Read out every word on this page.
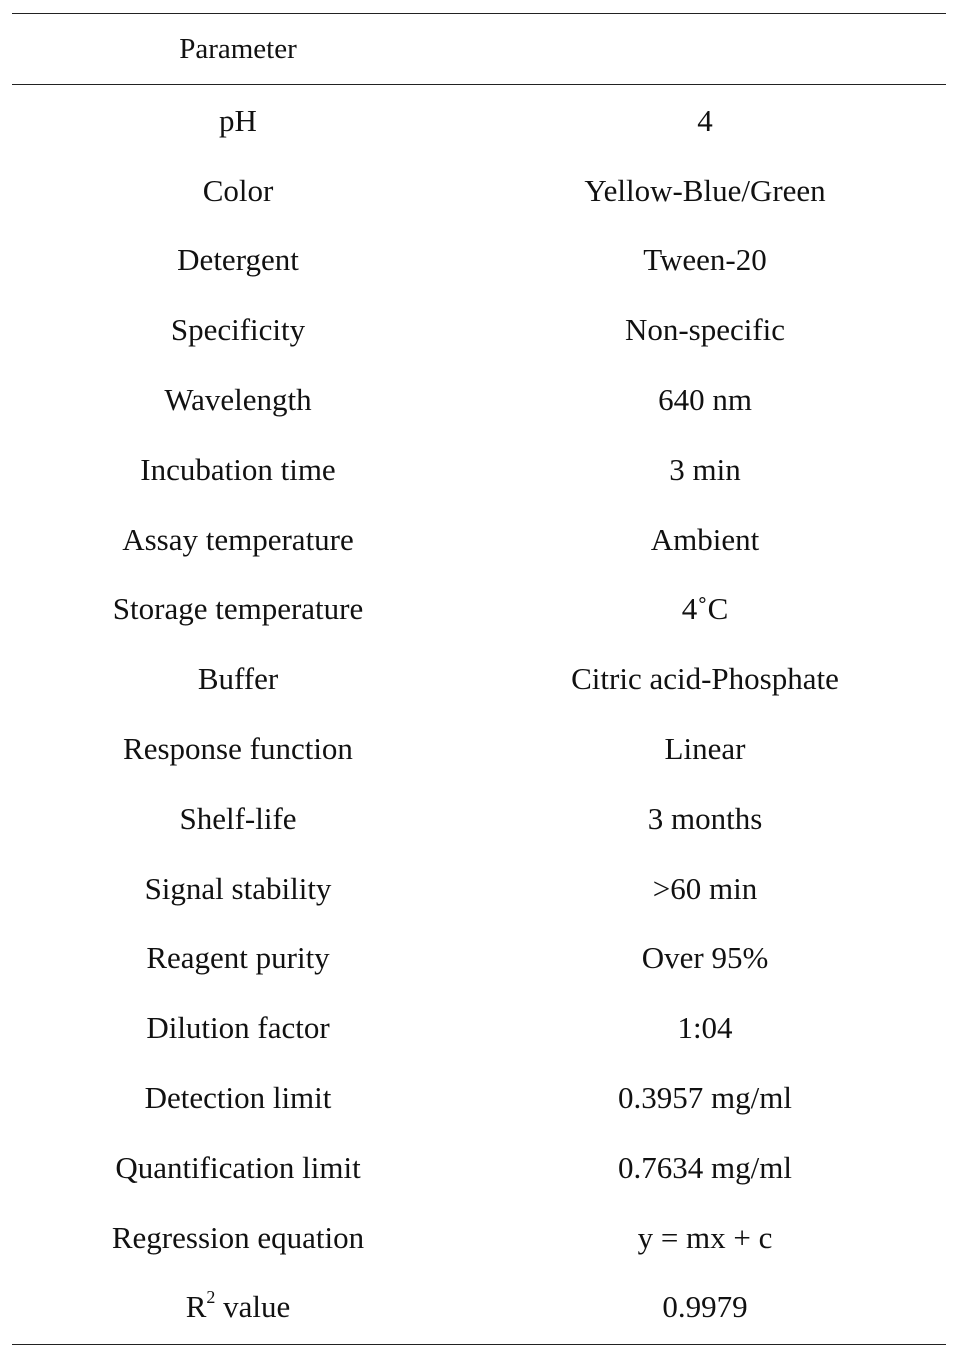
Parameter
pH	4
Color	Yellow-Blue/Green
Detergent	Tween-20
Specificity	Non-specific
Wavelength	640 nm
Incubation time	3 min
Assay temperature	Ambient
Storage temperature	4˚C
Buffer	Citric acid-Phosphate
Response function	Linear
Shelf-life	3 months
Signal stability	>60 min
Reagent purity	Over 95%
Dilution factor	1:04
Detection limit	0.3957 mg/ml
Quantification limit	0.7634 mg/ml
Regression equation	y = mx + c
$R^2$ value	0.9979
